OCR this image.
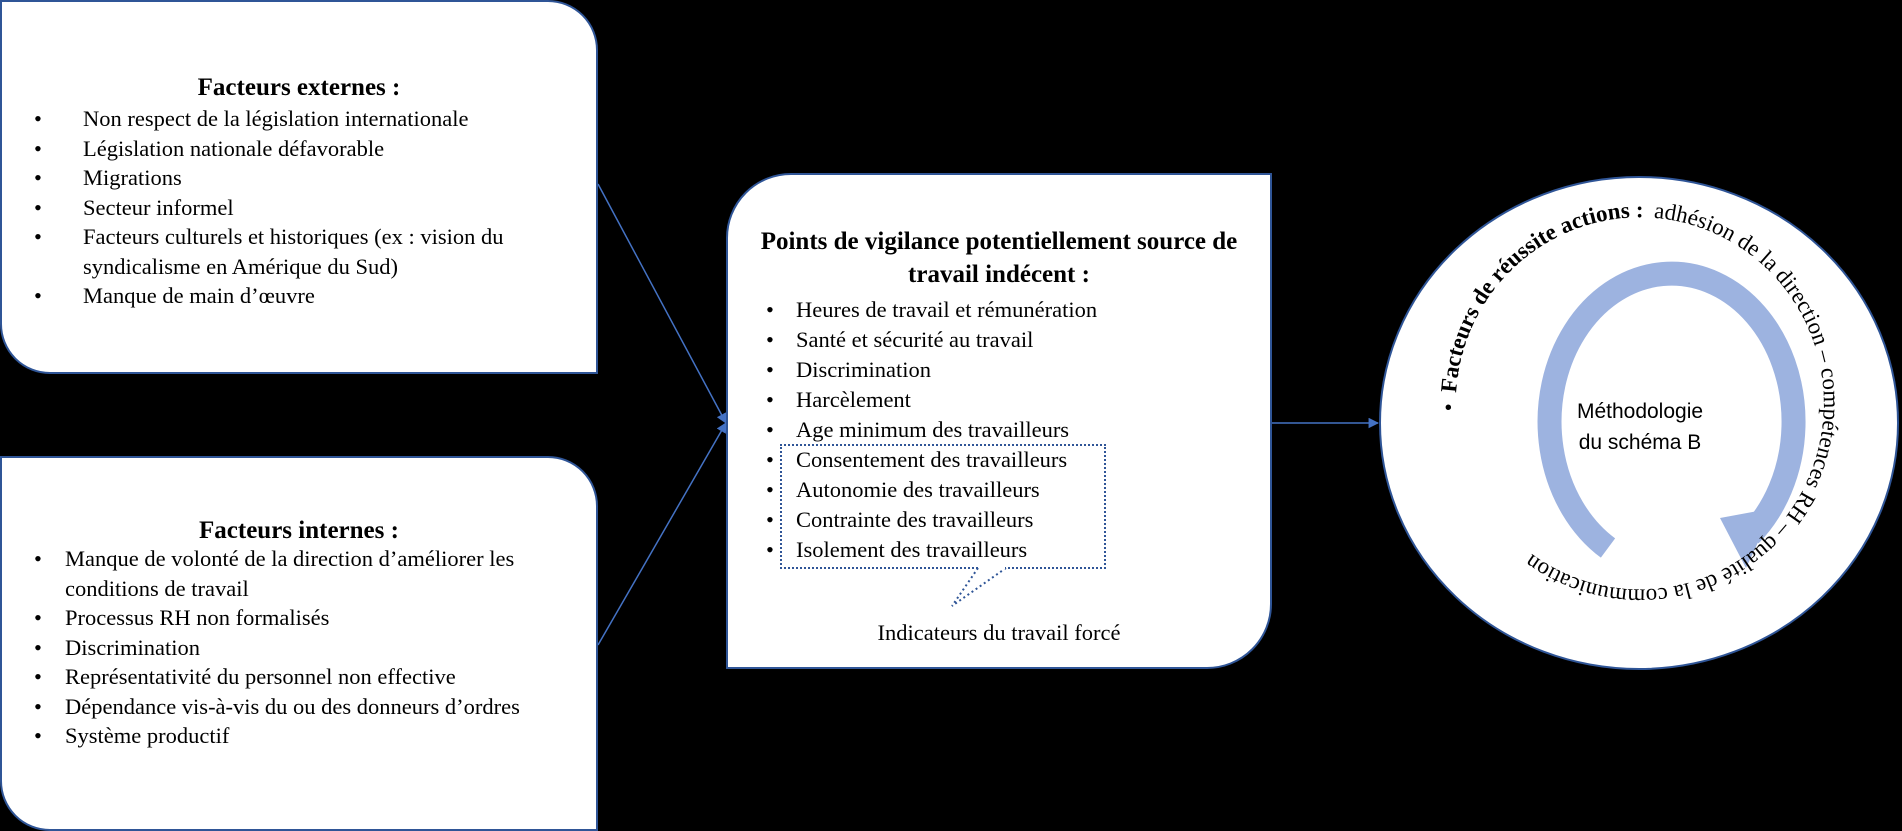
Facteurs externes :
• Non respect de la législation internationale
• Législation nationale défavorable
• Migrations
• Secteur informel
• Facteurs culturels et historiques (ex : vision du syndicalisme en Amérique du Sud)
• Manque de main d’œuvre
Facteurs internes :
• Manque de volonté de la direction d’améliorer les conditions de travail
• Processus RH non formalisés
• Discrimination
• Représentativité du personnel non effective
• Dépendance vis-à-vis du ou des donneurs d’ordres
• Système productif
Points de vigilance potentiellement source de travail indécent :
• Heures de travail et rémunération
• Santé et sécurité au travail
• Discrimination
• Harcèlement
• Age minimum des travailleurs
• Consentement des travailleurs
• Autonomie des travailleurs
• Contrainte des travailleurs
• Isolement des travailleurs
Indicateurs du travail forcé
•Facteurs de réussite actions : adhésion de la direction – compétences RH – qualité de la communication
Méthodologie
du schéma B
